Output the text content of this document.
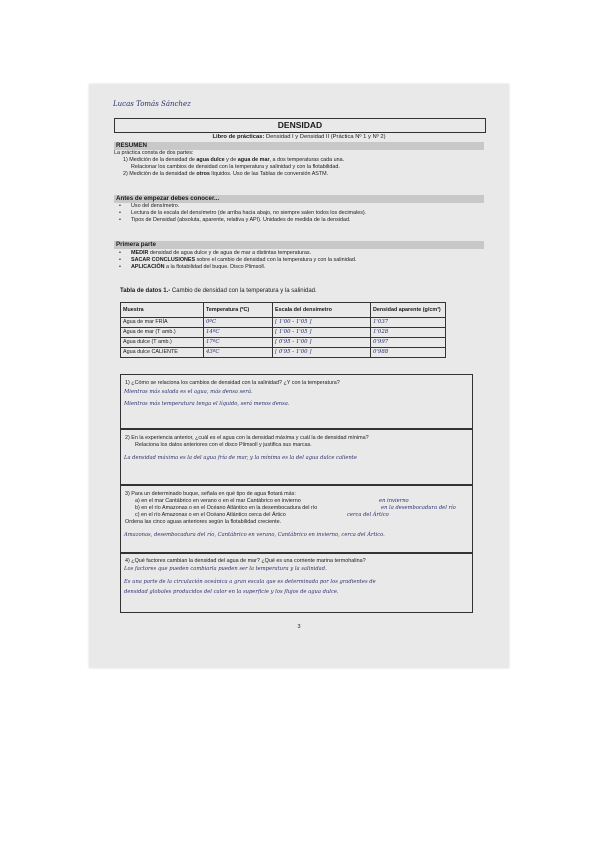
Lucas Tomás Sánchez
DENSIDAD
Libro de prácticas: Densidad I y Densidad II (Práctica Nº 1 y Nº 2)
RESUMEN
La práctica consta de dos partes:
1) Medición de la densidad de agua dulce y de agua de mar, a dos temperaturas cada una.
Relacionar los cambios de densidad con la temperatura y salinidad y con la flotabilidad.
2) Medición de la densidad de otros líquidos. Uso de las Tablas de conversión ASTM.
Antes de empezar debes conocer...
• Uso del densímetro.
• Lectura de la escala del densímetro (de arriba hacia abajo, no siempre salen todos los decimales).
• Tipos de Densidad (absoluta, aparente, relativa y API). Unidades de medida de la densidad.
Primera parte
• MEDIR densidad de agua dulce y de agua de mar a distintas temperaturas.
• SACAR CONCLUSIONES sobre el cambio de densidad con la temperatura y con la salinidad.
• APLICACIÓN a la flotabilidad del buque. Disco Plimsoll.
Tabla de datos 1.- Cambio de densidad con la temperatura y la salinidad.
Muestra	Temperatura (ºC)	Escala del densímetro	Densidad aparente (g/cm³)
Agua de mar FRÍA	0ºC	[ 1'00 - 1'05 ]	1'037
Agua de mar (T amb.)	14ºC	[ 1'00 - 1'05 ]	1'028
Agua dulce (T amb.)	17ºC	[ 0'95 - 1'00 ]	0'997
Agua dulce CALIENTE	43ºC	[ 0'95 - 1'00 ]	0'988
1) ¿Cómo se relaciona los cambios de densidad con la salinidad? ¿Y con la temperatura?
Mientras más salada es el agua, más densa será.
Mientras más temperatura tenga el líquido, será menos densa.
2) En la experiencia anterior, ¿cuál es el agua con la densidad máxima y cuál la de densidad mínima?
Relaciona los datos anteriores con el disco Plimsoll y justifica sus marcas.
La densidad máxima es la del agua fría de mar, y la mínima es la del agua dulce caliente
3) Para un determinado buque, señala en qué tipo de agua flotará más:
a) en el mar Cantábrico en verano o en el mar Cantábrico en invierno	en invierno
b) en el río Amazonas o en el Océano Atlántico en la desembocadura del río	en la desembocadura del río
c) en el río Amazonas o en el Océano Atlántico cerca del Ártico	cerca del Ártico
Ordena las cinco aguas anteriores según la flotabilidad creciente.
Amazonas, desembocadura del río, Cantábrico en verano, Cantábrico en invierno, cerca del Ártico.
4) ¿Qué factores cambian la densidad del agua de mar? ¿Qué es una corriente marina termohalina?
Los factores que pueden cambiarla pueden ser la temperatura y la salinidad.
Es una parte de la circulación oceánica a gran escala que es determinada por los gradientes de
densidad globales producidos del calor en la superficie y los flujos de agua dulce.
3
